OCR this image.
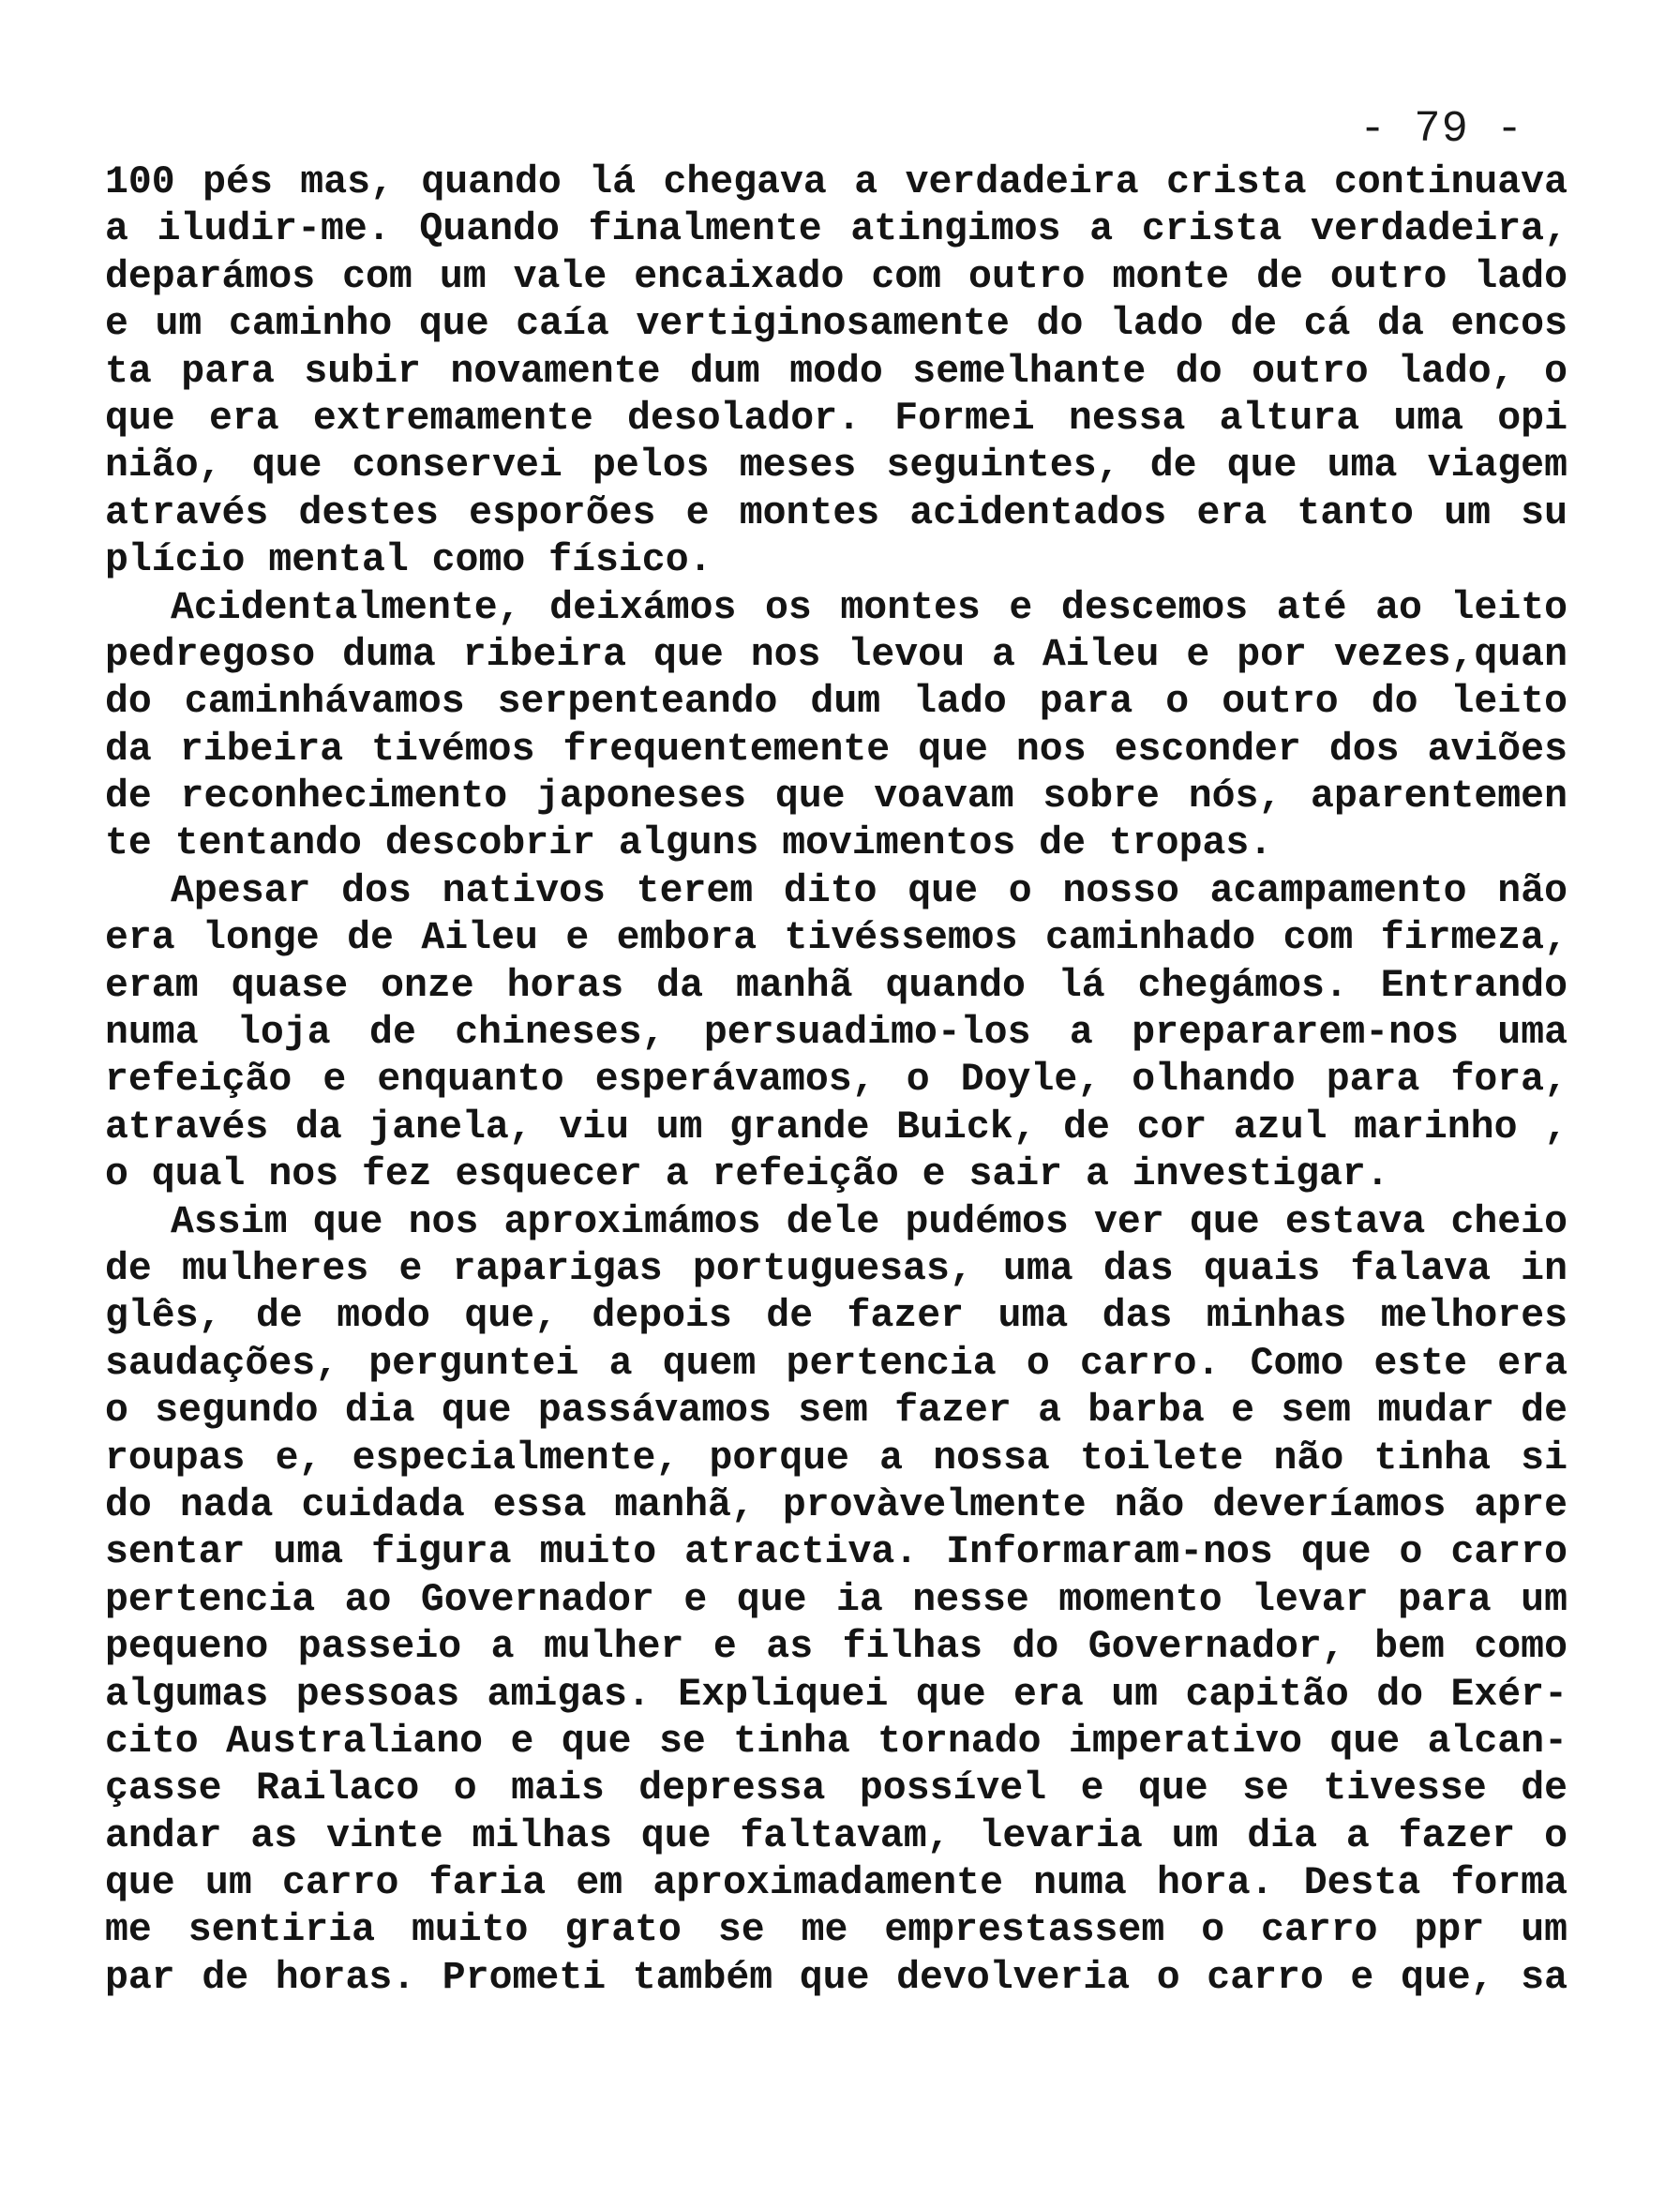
- 79 -
100 pés mas, quando lá chegava a verdadeira crista continuava
a iludir-me. Quando finalmente atingimos a crista verdadeira,
deparámos com um vale encaixado com outro monte de outro lado
e um caminho que caía vertiginosamente do lado de cá da encos
ta para subir novamente dum modo semelhante do outro lado, o
que era extremamente desolador. Formei nessa altura uma opi
nião, que conservei pelos meses seguintes, de que uma viagem
através destes esporões e montes acidentados era tanto um su
plício mental como físico.
Acidentalmente, deixámos os montes e descemos até ao leito
pedregoso duma ribeira que nos levou a Aileu e por vezes,quan
do caminhávamos serpenteando dum lado para o outro do leito
da ribeira tivémos frequentemente que nos esconder dos aviões
de reconhecimento japoneses que voavam sobre nós, aparentemen
te tentando descobrir alguns movimentos de tropas.
Apesar dos nativos terem dito que o nosso acampamento não
era longe de Aileu e embora tivéssemos caminhado com firmeza,
eram quase onze horas da manhã quando lá chegámos. Entrando
numa loja de chineses, persuadimo-los a prepararem-nos uma
refeição e enquanto esperávamos, o Doyle, olhando para fora,
através da janela, viu um grande Buick, de cor azul marinho ,
o qual nos fez esquecer a refeição e sair a investigar.
Assim que nos aproximámos dele pudémos ver que estava cheio
de mulheres e raparigas portuguesas, uma das quais falava in
glês, de modo que, depois de fazer uma das minhas melhores
saudações, perguntei a quem pertencia o carro. Como este era
o segundo dia que passávamos sem fazer a barba e sem mudar de
roupas e, especialmente, porque a nossa toilete não tinha si
do nada cuidada essa manhã, provàvelmente não deveríamos apre
sentar uma figura muito atractiva. Informaram-nos que o carro
pertencia ao Governador e que ia nesse momento levar para um
pequeno passeio a mulher e as filhas do Governador, bem como
algumas pessoas amigas. Expliquei que era um capitão do Exér-
cito Australiano e que se tinha tornado imperativo que alcan-
çasse Railaco o mais depressa possível e que se tivesse de
andar as vinte milhas que faltavam, levaria um dia a fazer o
que um carro faria em aproximadamente numa hora. Desta forma
me sentiria muito grato se me emprestassem o carro ppr um
par de horas. Prometi também que devolveria o carro e que, sa
